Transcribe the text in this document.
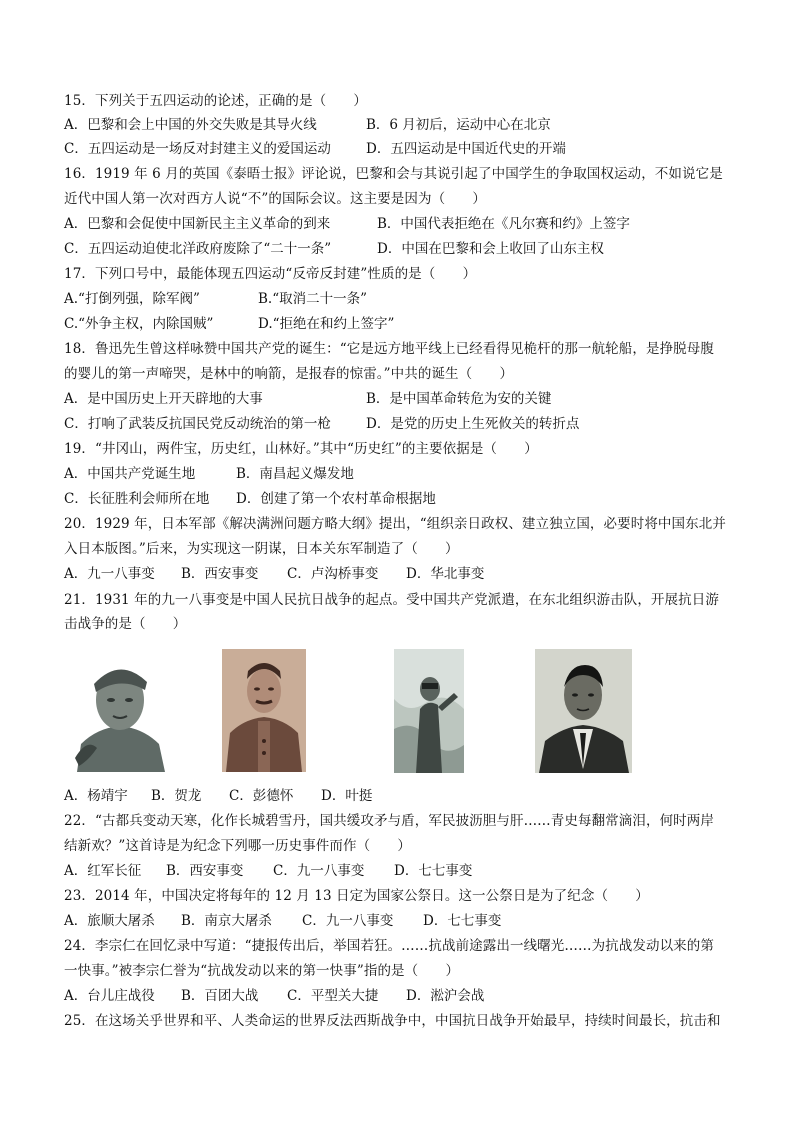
15．下列关于五四运动的论述，正确的是（　　）
A．巴黎和会上中国的外交失败是其导火线	B．6 月初后，运动中心在北京
C．五四运动是一场反对封建主义的爱国运动	D．五四运动是中国近代史的开端
16．1919 年 6 月的英国《泰晤士报》评论说，巴黎和会与其说引起了中国学生的争取国权运动，不如说它是
近代中国人第一次对西方人说“不”的国际会议。这主要是因为（　　）
A．巴黎和会促使中国新民主主义革命的到来	B．中国代表拒绝在《凡尔赛和约》上签字
C．五四运动迫使北洋政府废除了“二十一条”	D．中国在巴黎和会上收回了山东主权
17．下列口号中，最能体现五四运动“反帝反封建”性质的是（　　）
A.“打倒列强，除军阀”	B.“取消二十一条”
C.“外争主权，内除国贼”	D.“拒绝在和约上签字”
18．鲁迅先生曾这样咏赞中国共产党的诞生：“它是远方地平线上已经看得见桅杆的那一航轮船，是挣脱母腹
的婴儿的第一声啼哭，是林中的响箭，是报春的惊雷。”中共的诞生（　　）
A．是中国历史上开天辟地的大事	B．是中国革命转危为安的关键
C．打响了武装反抗国民党反动统治的第一枪	D．是党的历史上生死攸关的转折点
19．“井冈山，两件宝，历史红，山林好。”其中“历史红”的主要依据是（　　）
A．中国共产党诞生地	B．南昌起义爆发地
C．长征胜利会师所在地 D．创建了第一个农村革命根据地
20．1929 年，日本军部《解决满洲问题方略大纲》提出，“组织亲日政权、建立独立国，必要时将中国东北并
入日本版图。”后来，为实现这一阴谋，日本关东军制造了（　　）
A．九一八事变 B．西安事变 C．卢沟桥事变 D．华北事变
21．1931 年的九一八事变是中国人民抗日战争的起点。受中国共产党派遣，在东北组织游击队，开展抗日游
击战争的是（　　）
A．杨靖宇 B．贺龙 C．彭德怀 D．叶挺
22．“古都兵变动天寒，化作长城碧雪丹，国共缓攻矛与盾，军民披沥胆与肝……青史每翻常滴泪，何时两岸
结新欢？”这首诗是为纪念下列哪一历史事件而作（　　）
A．红军长征 B．西安事变 C．九一八事变 D．七七事变
23．2014 年，中国决定将每年的 12 月 13 日定为国家公祭日。这一公祭日是为了纪念（　　）
A．旅顺大屠杀 B．南京大屠杀 C．九一八事变 D．七七事变
24．李宗仁在回忆录中写道：“捷报传出后，举国若狂。……抗战前途露出一线曙光……为抗战发动以来的第
一快事。”被李宗仁誉为“抗战发动以来的第一快事”指的是（　　）
A．台儿庄战役 B．百团大战 C．平型关大捷 D．淞沪会战
25．在这场关乎世界和平、人类命运的世界反法西斯战争中，中国抗日战争开始最早，持续时间最长，抗击和
